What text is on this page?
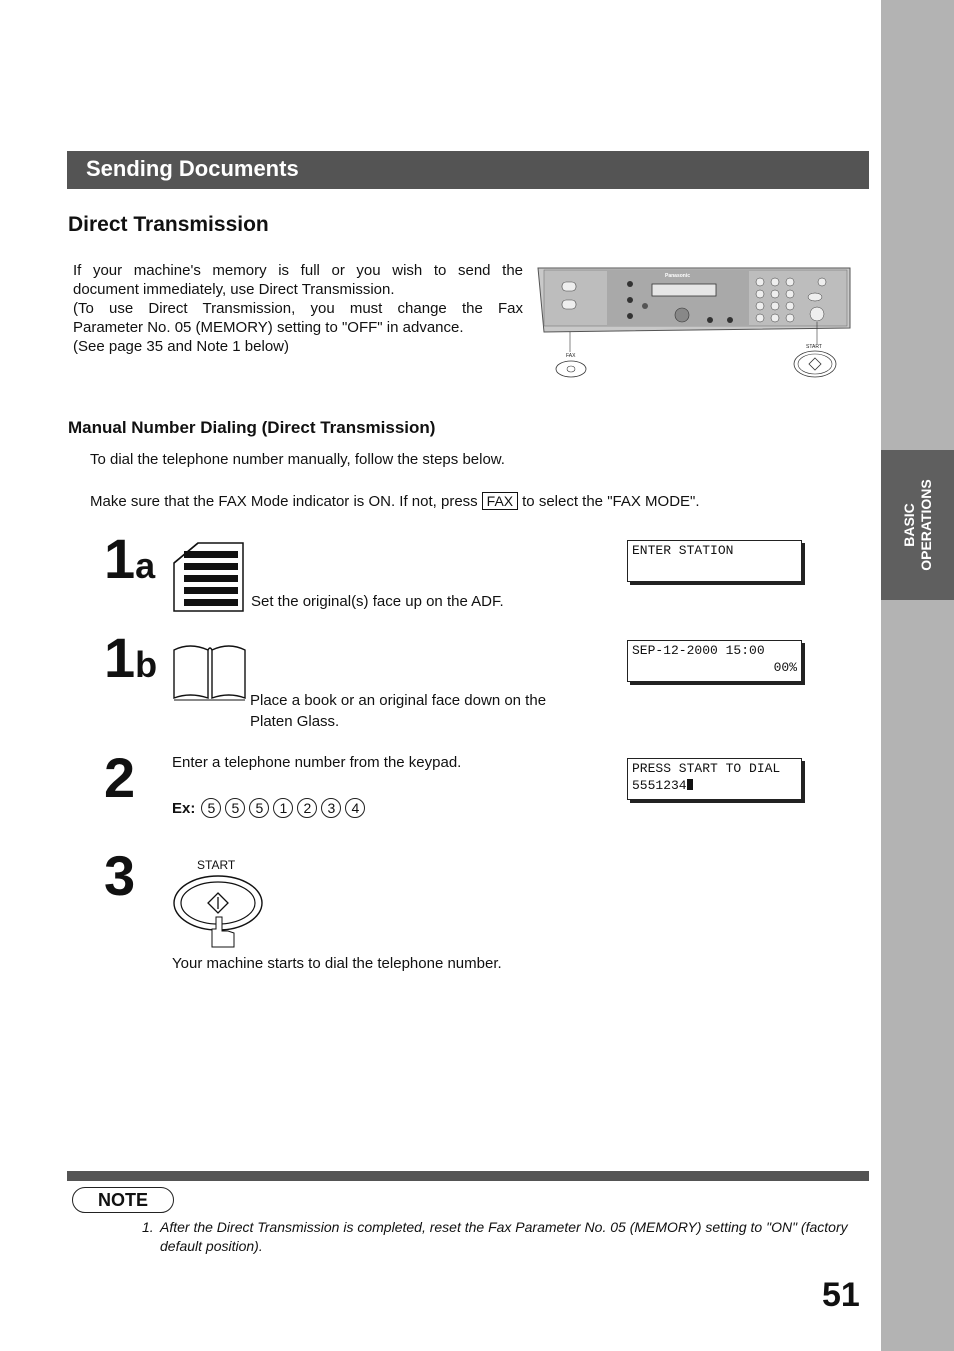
BASIC OPERATIONS
Sending Documents
Direct Transmission

If your machine's memory is full or you wish to send the

document immediately, use Direct Transmission.

(To use Direct Transmission, you must change the Fax

Parameter No. 05 (MEMORY) setting to "OFF" in advance.

(See page 35 and Note 1 below)

Panasonic
FAX
START
Manual Number Dialing (Direct Transmission)
To dial the telephone number manually, follow the steps below.
Make sure that the FAX Mode indicator is ON. If not, press FAX to select the "FAX MODE".
1a
Set the original(s) face up on the ADF.
ENTER STATION
1b
Place a book or an original face down on the
Platen Glass.
SEP-12-2000 15:00
00%
2 Enter a telephone number from the keypad.
Ex: 5	5	5	1	2	3	4
PRESS START TO DIAL
5551234
3	START
Your machine starts to dial the telephone number.
NOTE
1. After the Direct Transmission is completed, reset the Fax Parameter No. 05 (MEMORY) setting to "ON" (factory default position).
51
